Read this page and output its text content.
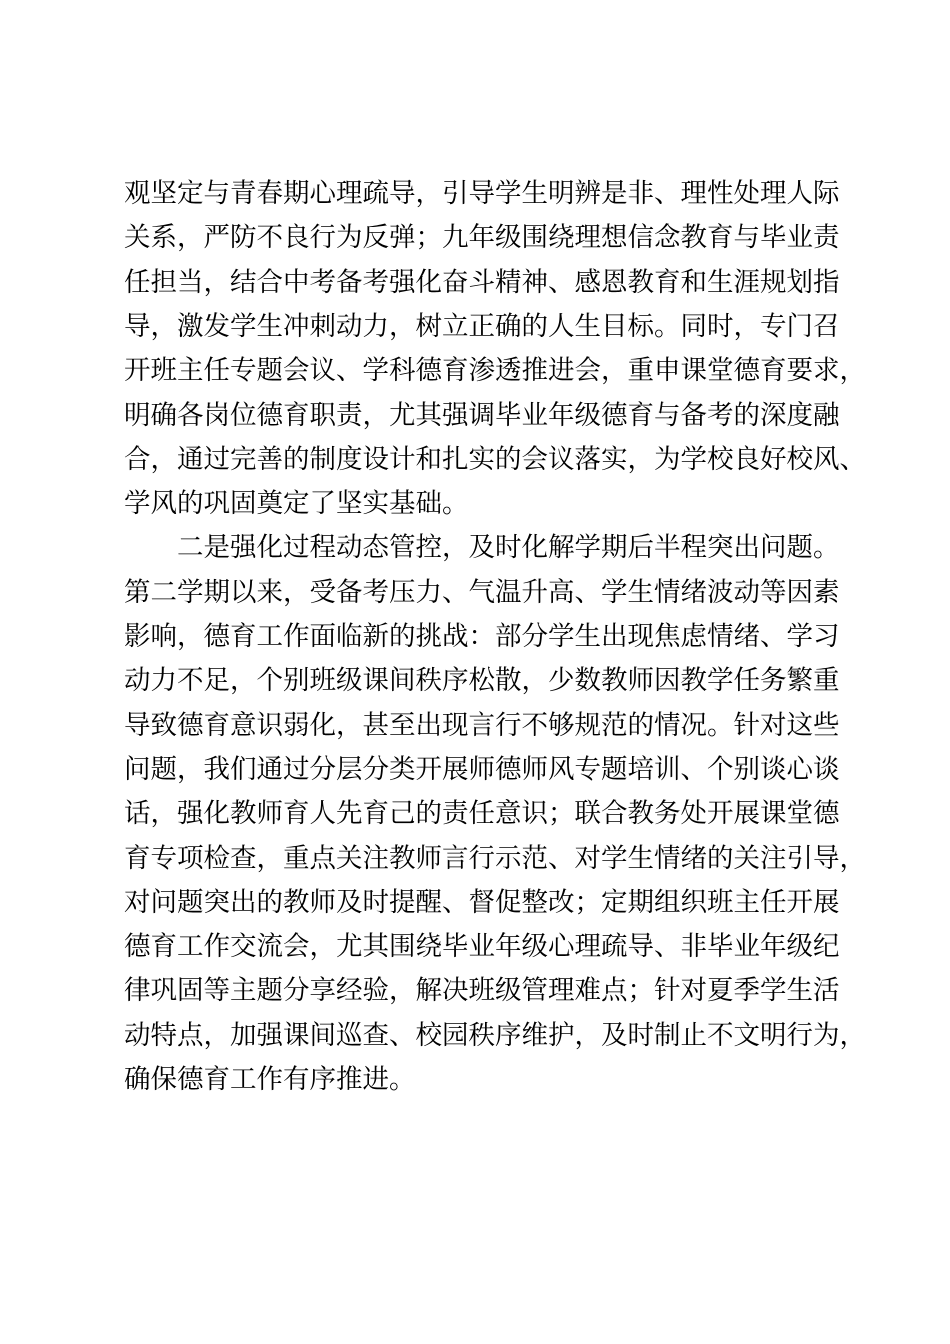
观坚定与青春期心理疏导，引导学生明辨是非、理性处理人际
关系，严防不良行为反弹；九年级围绕理想信念教育与毕业责
任担当，结合中考备考强化奋斗精神、感恩教育和生涯规划指
导，激发学生冲刺动力，树立正确的人生目标。同时，专门召
开班主任专题会议、学科德育渗透推进会，重申课堂德育要求，
明确各岗位德育职责，尤其强调毕业年级德育与备考的深度融
合，通过完善的制度设计和扎实的会议落实，为学校良好校风、
学风的巩固奠定了坚实基础。
二是强化过程动态管控，及时化解学期后半程突出问题。
第二学期以来，受备考压力、气温升高、学生情绪波动等因素
影响，德育工作面临新的挑战：部分学生出现焦虑情绪、学习
动力不足，个别班级课间秩序松散，少数教师因教学任务繁重
导致德育意识弱化，甚至出现言行不够规范的情况。针对这些
问题，我们通过分层分类开展师德师风专题培训、个别谈心谈
话，强化教师育人先育己的责任意识；联合教务处开展课堂德
育专项检查，重点关注教师言行示范、对学生情绪的关注引导，
对问题突出的教师及时提醒、督促整改；定期组织班主任开展
德育工作交流会，尤其围绕毕业年级心理疏导、非毕业年级纪
律巩固等主题分享经验，解决班级管理难点；针对夏季学生活
动特点，加强课间巡查、校园秩序维护，及时制止不文明行为，
确保德育工作有序推进。
